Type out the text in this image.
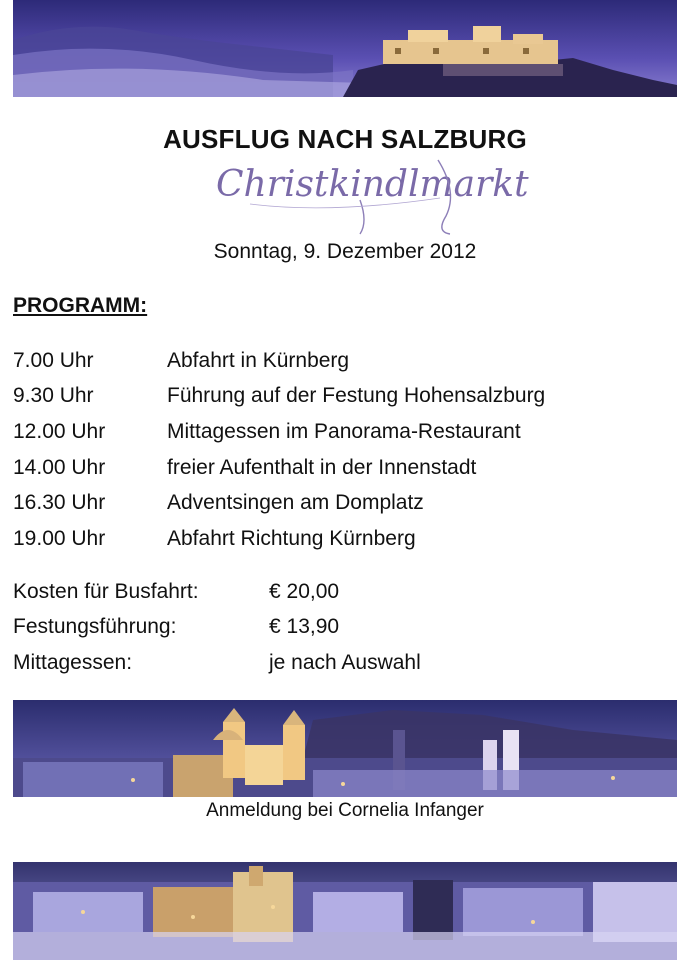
AUSFLUG NACH SALZBURG
Christkindlmarkt
Sonntag, 9. Dezember 2012
PROGRAMM:
7.00 Uhr	Abfahrt in Kürnberg
9.30 Uhr	Führung auf der Festung Hohensalzburg
12.00 Uhr	Mittagessen im Panorama-Restaurant
14.00 Uhr	freier Aufenthalt in der Innenstadt
16.30 Uhr	Adventsingen am Domplatz
19.00 Uhr	Abfahrt Richtung Kürnberg
Kosten für Busfahrt:	€ 20,00
Festungsführung:	€ 13,90
Mittagessen:	je nach Auswahl
Anmeldung bei Cornelia Infanger
